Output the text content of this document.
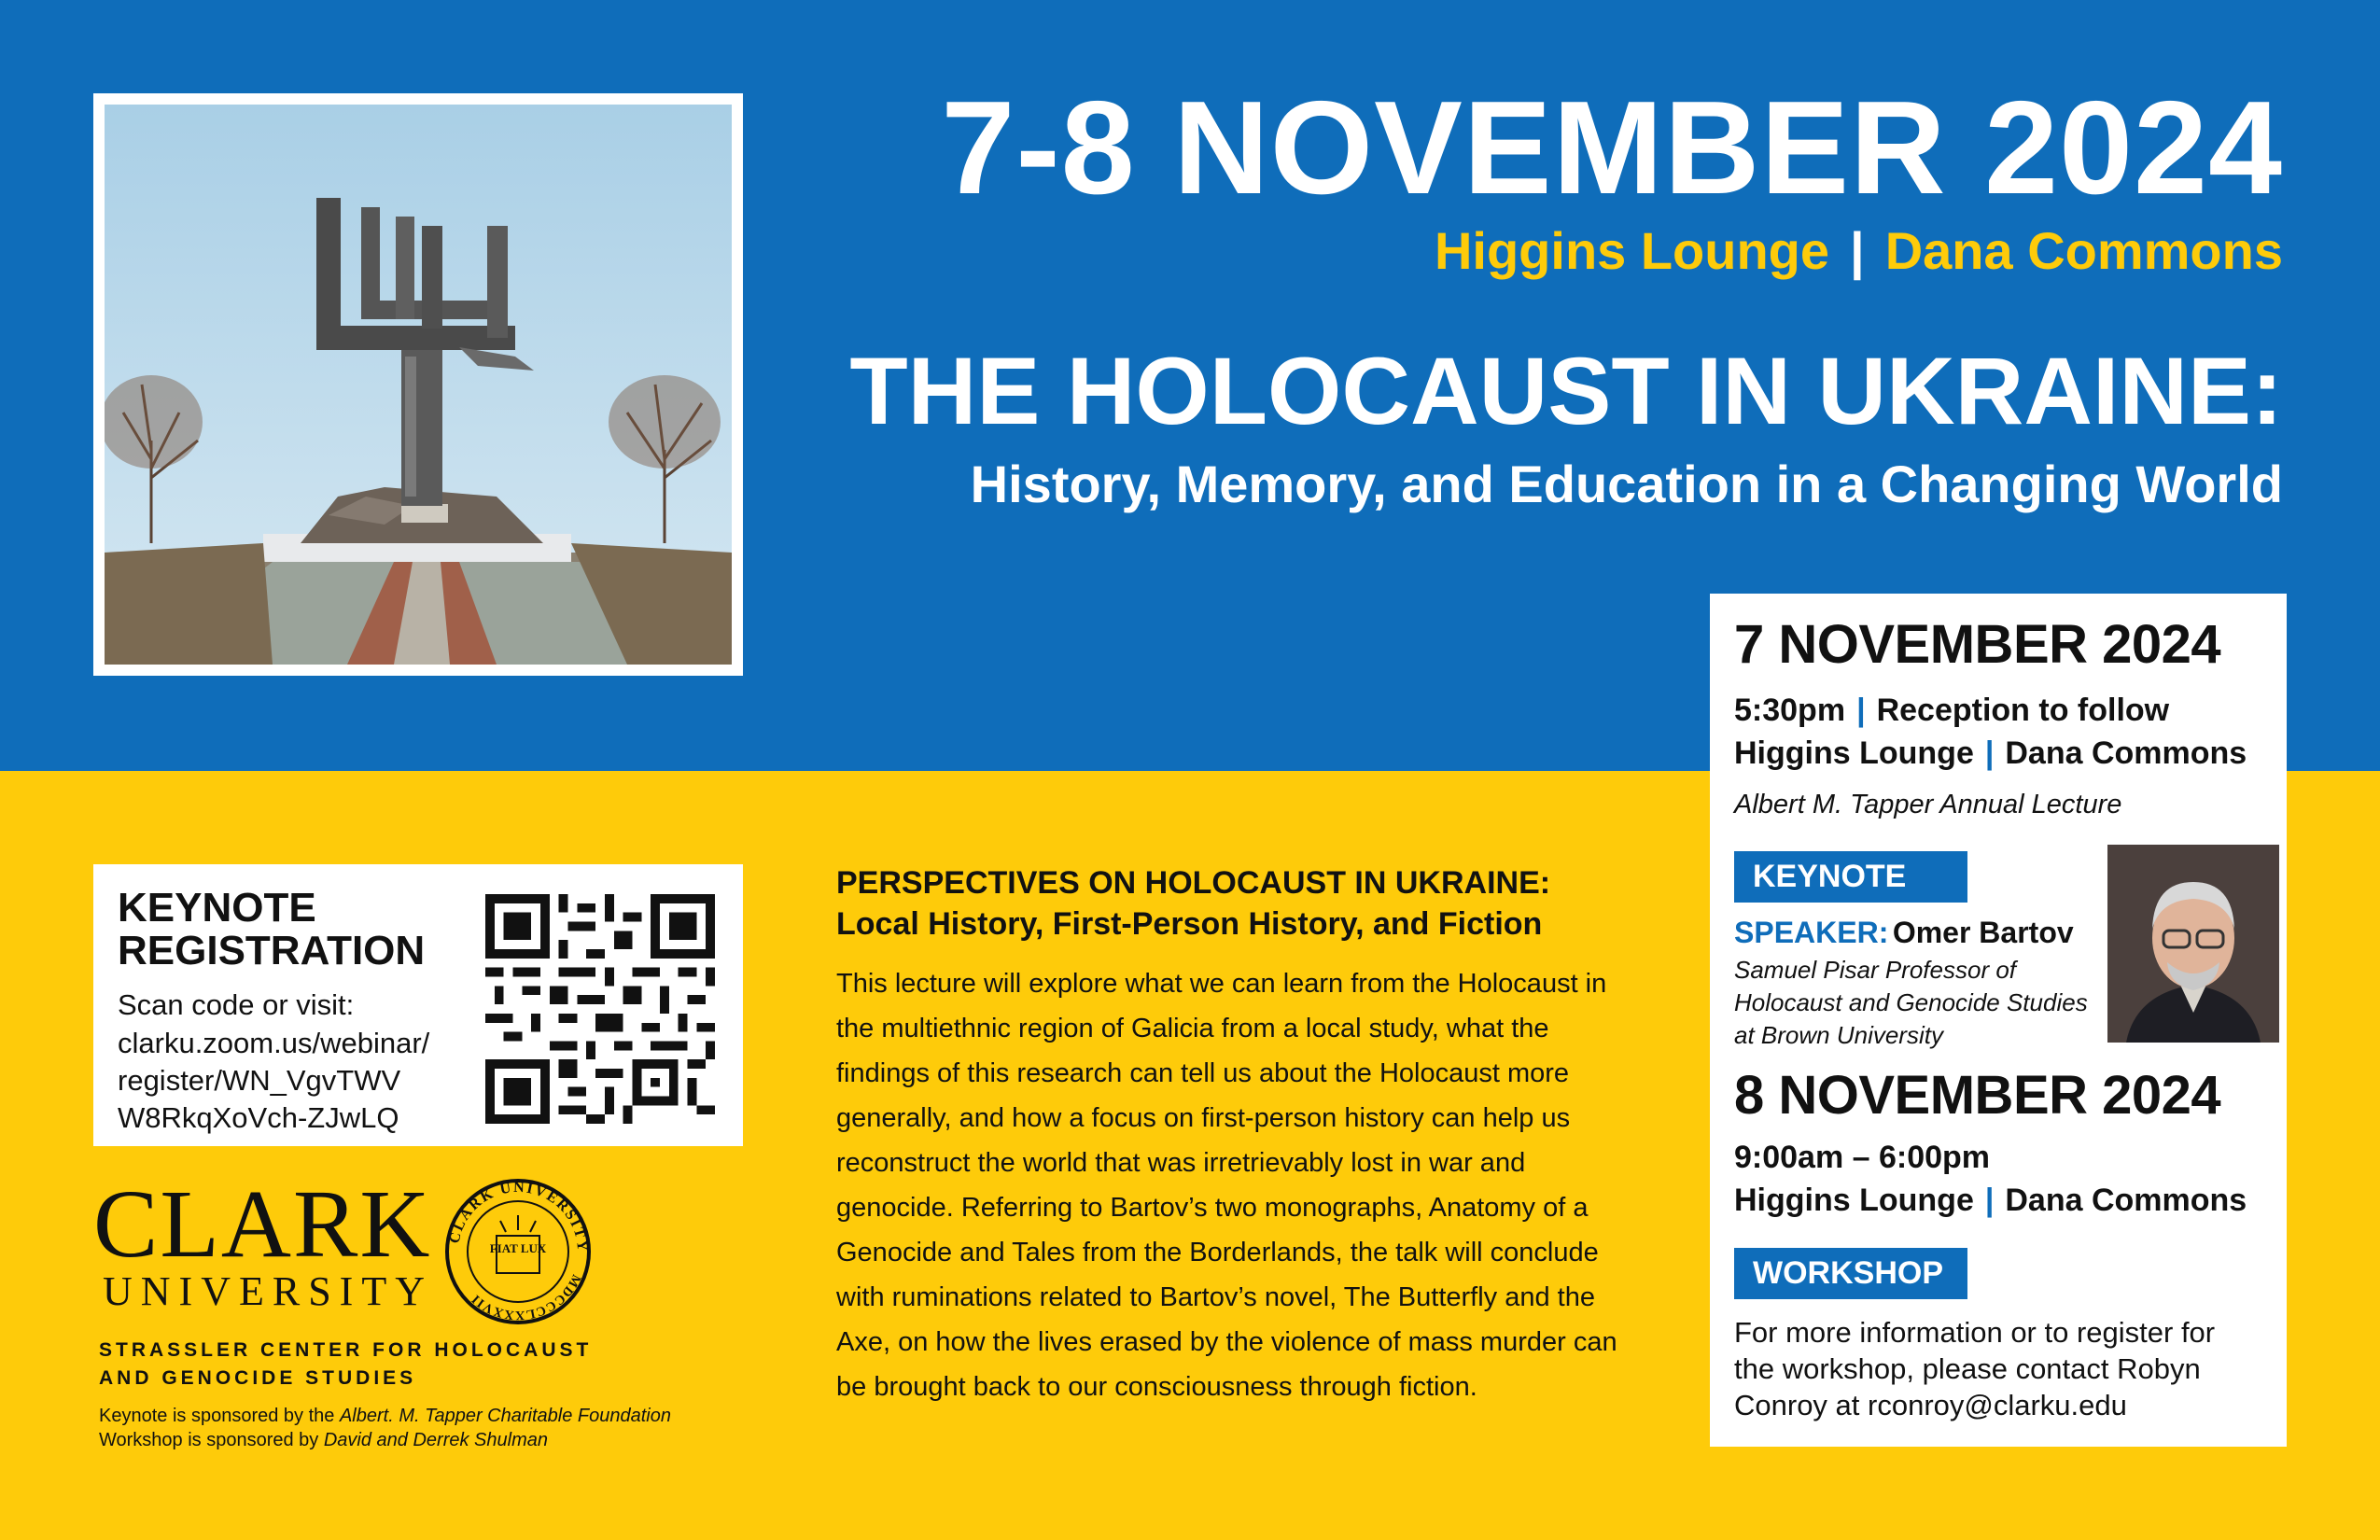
7-8 NOVEMBER 2024
Higgins Lounge | Dana Commons
THE HOLOCAUST IN UKRAINE:
History, Memory, and Education in a Changing World
7 NOVEMBER 2024
5:30pm | Reception to follow
Higgins Lounge | Dana Commons
Albert M. Tapper Annual Lecture
KEYNOTE
SPEAKER: Omer Bartov
Samuel Pisar Professor of Holocaust and Genocide Studies at Brown University
8 NOVEMBER 2024
9:00am – 6:00pm
Higgins Lounge | Dana Commons
WORKSHOP
For more information or to register for the workshop, please contact Robyn Conroy at rconroy@clarku.edu
KEYNOTE REGISTRATION
Scan code or visit:
clarku.zoom.us/webinar/ register/WN_VgvTWV W8RkqXoVch-ZJwLQ
CLARK
UNIVERSITY
CLARK UNIVERSITY
MDCCCLXXXVII
FIAT LUX
STRASSLER CENTER FOR HOLOCAUST AND GENOCIDE STUDIES
Keynote is sponsored by the Albert. M. Tapper Charitable Foundation
Workshop is sponsored by David and Derrek Shulman
PERSPECTIVES ON HOLOCAUST IN UKRAINE:
Local History, First-Person History, and Fiction
This lecture will explore what we can learn from the Holocaust in the multiethnic region of Galicia from a local study, what the findings of this research can tell us about the Holocaust more generally, and how a focus on first-person history can help us reconstruct the world that was irretrievably lost in war and genocide. Referring to Bartov’s two monographs, Anatomy of a Genocide and Tales from the Borderlands, the talk will conclude with ruminations related to Bartov’s novel, The Butterfly and the Axe, on how the lives erased by the violence of mass murder can be brought back to our consciousness through fiction.
